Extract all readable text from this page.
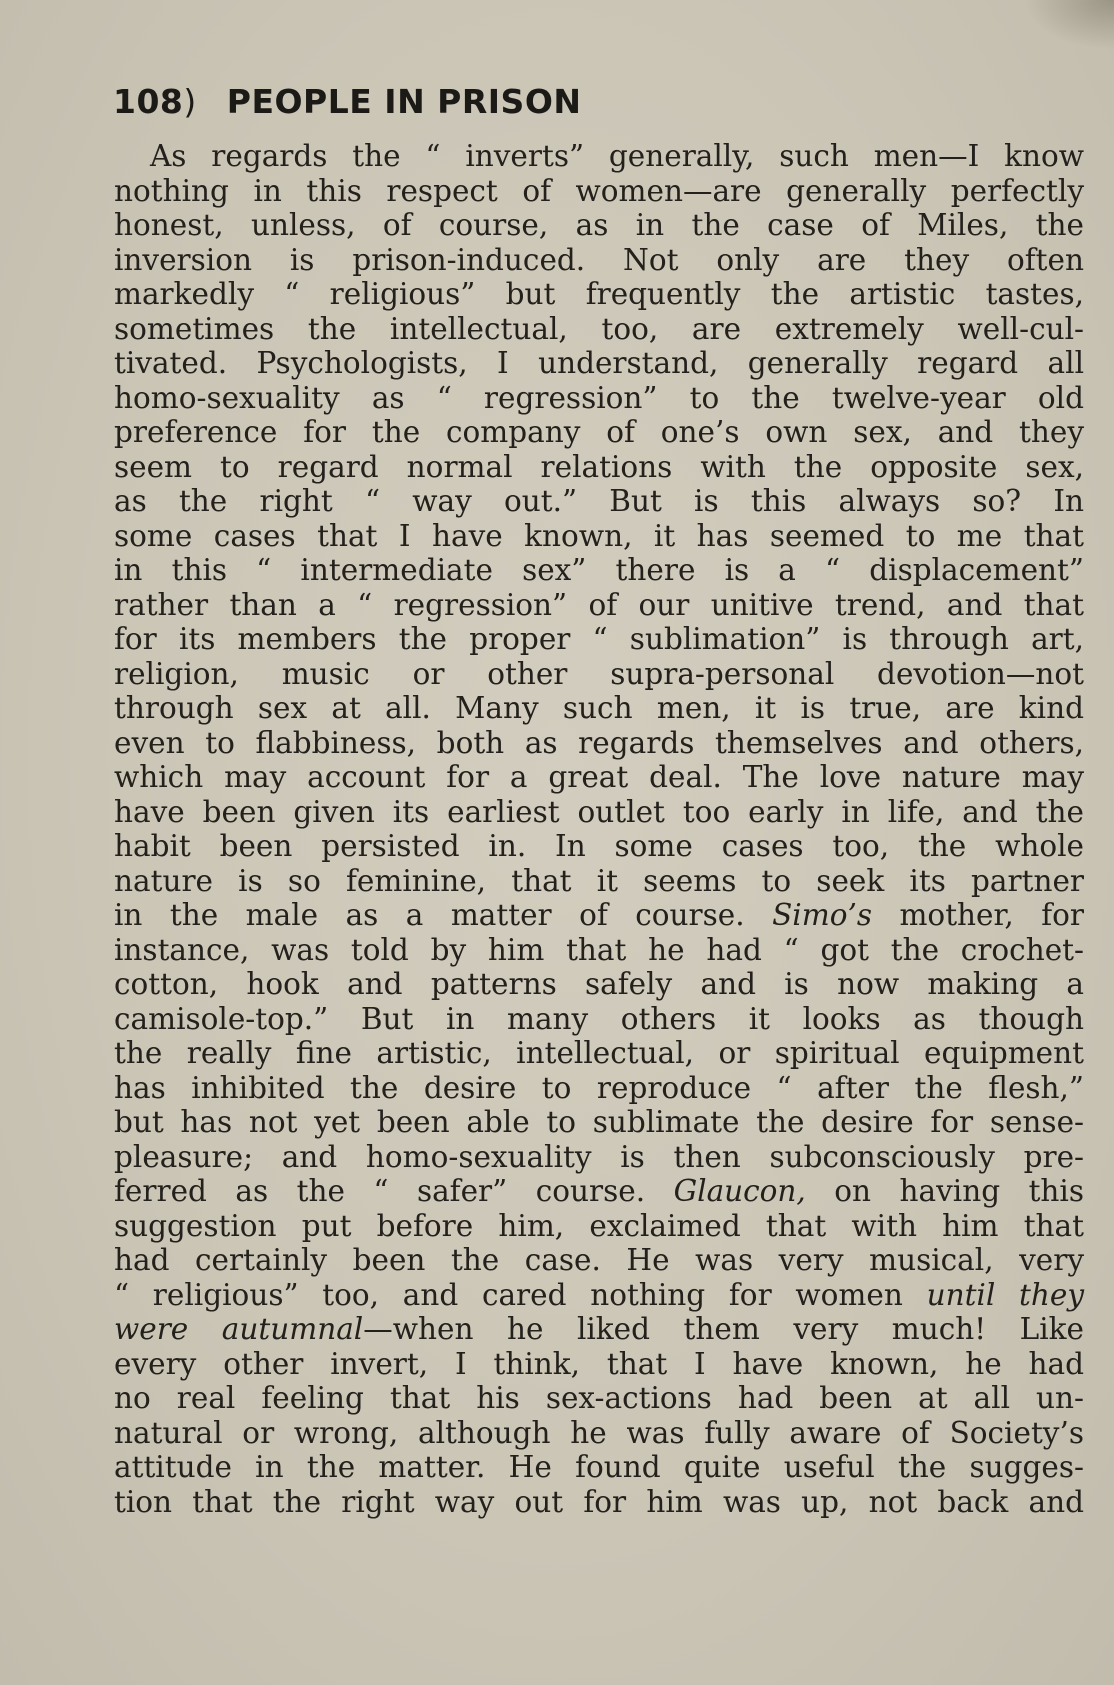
108) PEOPLE IN PRISON
As regards the “ inverts” generally, such men—I know
nothing in this respect of women—are generally perfectly
honest, unless, of course, as in the case of Miles, the
inversion is prison-induced. Not only are they often
markedly “ religious” but frequently the artistic tastes,
sometimes the intellectual, too, are extremely well-cul-
tivated. Psychologists, I understand, generally regard all
homo-sexuality as “ regression” to the twelve-year old
preference for the company of one’s own sex, and they
seem to regard normal relations with the opposite sex,
as the right “ way out.” But is this always so? In
some cases that I have known, it has seemed to me that
in this “ intermediate sex” there is a “ displacement”
rather than a “ regression” of our unitive trend, and that
for its members the proper “ sublimation” is through art,
religion, music or other supra-personal devotion—not
through sex at all. Many such men, it is true, are kind
even to flabbiness, both as regards themselves and others,
which may account for a great deal. The love nature may
have been given its earliest outlet too early in life, and the
habit been persisted in. In some cases too, the whole
nature is so feminine, that it seems to seek its partner
in the male as a matter of course. Simo’s mother, for
instance, was told by him that he had “ got the crochet-
cotton, hook and patterns safely and is now making a
camisole-top.” But in many others it looks as though
the really fine artistic, intellectual, or spiritual equipment
has inhibited the desire to reproduce “ after the flesh,”
but has not yet been able to sublimate the desire for sense-
pleasure; and homo-sexuality is then subconsciously pre-
ferred as the “ safer” course. Glaucon, on having this
suggestion put before him, exclaimed that with him that
had certainly been the case. He was very musical, very
“ religious” too, and cared nothing for women until they
were autumnal—when he liked them very much! Like
every other invert, I think, that I have known, he had
no real feeling that his sex-actions had been at all un-
natural or wrong, although he was fully aware of Society’s
attitude in the matter. He found quite useful the sugges-
tion that the right way out for him was up, not back and
